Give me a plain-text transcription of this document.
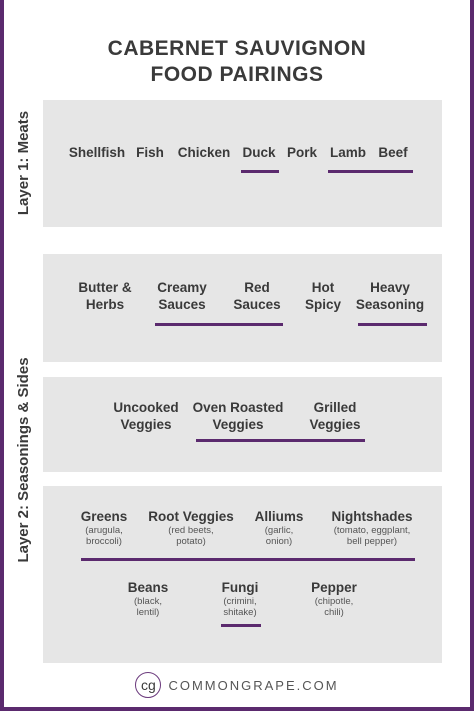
CABERNET SAUVIGNON
FOOD PAIRINGS
Layer 1: Meats
Layer 2: Seasonings & Sides
Shellfish Fish Chicken Duck Pork Lamb Beef
Butter &
Herbs
Creamy
Sauces
Red
Sauces
Hot
Spicy
Heavy
Seasoning
Uncooked
Veggies
Oven Roasted
Veggies
Grilled
Veggies
Greens
(arugula,
broccoli)
Root Veggies
(red beets,
potato)
Alliums
(garlic,
onion)
Nightshades
(tomato, eggplant,
bell pepper)
Beans
(black,
lentil)
Fungi
(crimini,
shitake)
Pepper
(chipotle,
chili)
cg COMMONGRAPE.COM
